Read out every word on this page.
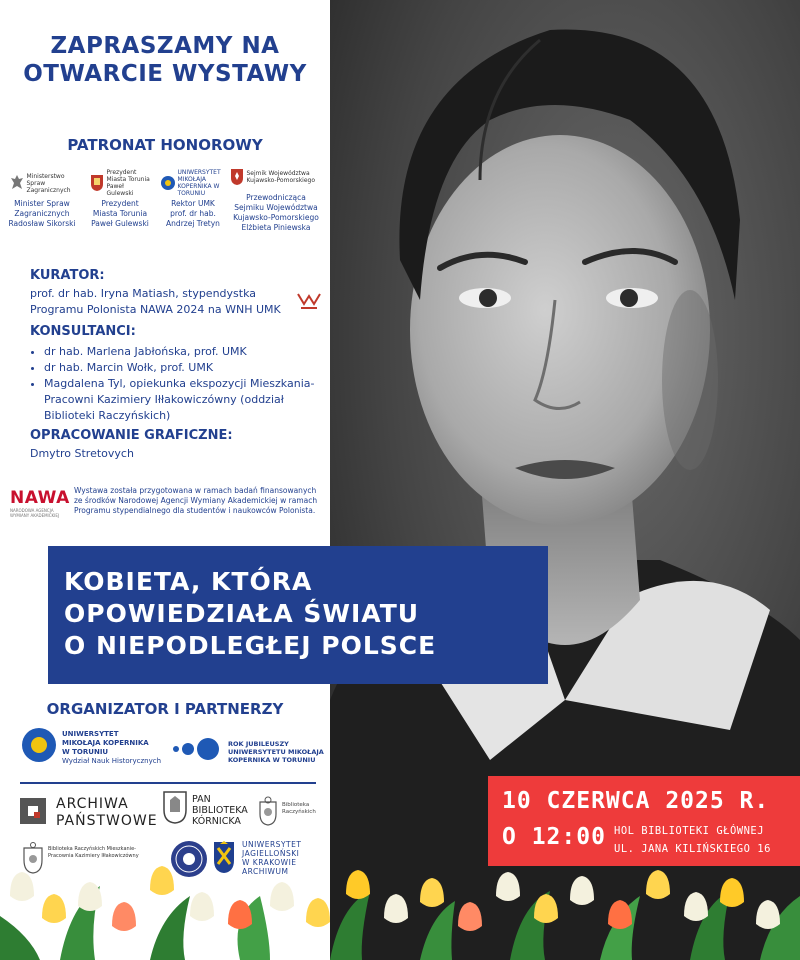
ZAPRASZAMY NA
OTWARCIE WYSTAWY
PATRONAT HONOROWY
Ministerstwo Spraw Zagranicznych
Minister Spraw
Zagranicznych
Radosław Sikorski
Prezydent Miasta Torunia Paweł Gulewski
Prezydent
Miasta Torunia
Paweł Gulewski
UNIWERSYTET MIKOŁAJA KOPERNIKA W TORUNIU
Rektor UMK
prof. dr hab.
Andrzej Tretyn
Sejmik Województwa Kujawsko-Pomorskiego
Przewodnicząca
Sejmiku Województwa
Kujawsko-Pomorskiego
Elżbieta Piniewska
KURATOR:
prof. dr hab. Iryna Matiash, stypendystka
Programu Polonista NAWA 2024 na WNH UMK
KONSULTANCI:
• dr hab. Marlena Jabłońska, prof. UMK
• dr hab. Marcin Wołk, prof. UMK
• Magdalena Tyl, opiekunka ekspozycji Mieszkania-Pracowni Kazimiery Iłłakowiczówny (oddział Biblioteki Raczyńskich)
OPRACOWANIE GRAFICZNE:
Dmytro Stretovych
NAWA
NARODOWA AGENCJA WYMIANY AKADEMICKIEJ
Wystawa została przygotowana w ramach badań finansowanych ze środków Narodowej Agencji Wymiany Akademickiej w ramach Programu stypendialnego dla studentów i naukowców Polonista.
ORGANIZATOR I PARTNERZY
UNIWERSYTET
MIKOŁAJA KOPERNIKA
W TORUNIU
Wydział Nauk Historycznych
ROK JUBILEUSZY UNIWERSYTETU MIKOŁAJA KOPERNIKA W TORUNIU
ARCHIWA
PAŃSTWOWE
PAN
BIBLIOTEKA
KÓRNICKA
Biblioteka Raczyńskich
Biblioteka Raczyńskich Mieszkanie-Pracownia Kazimiery Iłłakowiczówny
UNIWERSYTET
JAGIELLOŃSKI
W KRAKOWIE
ARCHIWUM
KOBIETA, KTÓRA
OPOWIEDZIAŁA ŚWIATU
O NIEPODLEGŁEJ POLSCE
10 CZERWCA 2025 R.
O 12:00 HOL BIBLIOTEKI GŁÓWNEJ
UL. JANA KILIŃSKIEGO 16
